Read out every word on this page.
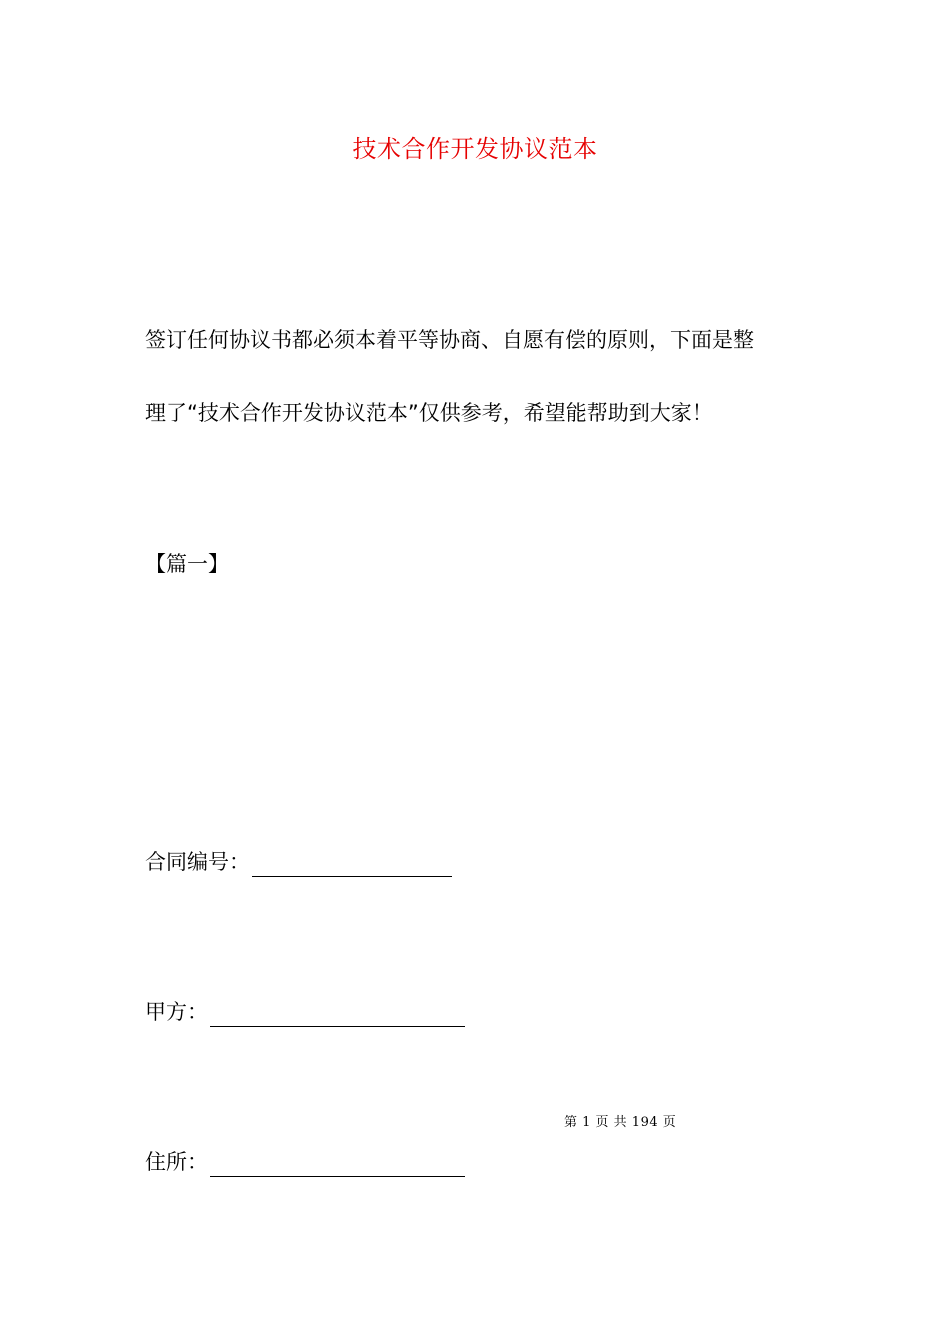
技术合作开发协议范本
签订任何协议书都必须本着平等协商、自愿有偿的原则，下面是整
理了“技术合作开发协议范本”仅供参考，希望能帮助到大家！
【篇一】
合同编号：
甲方：
第 1 页 共 194 页
住所：
